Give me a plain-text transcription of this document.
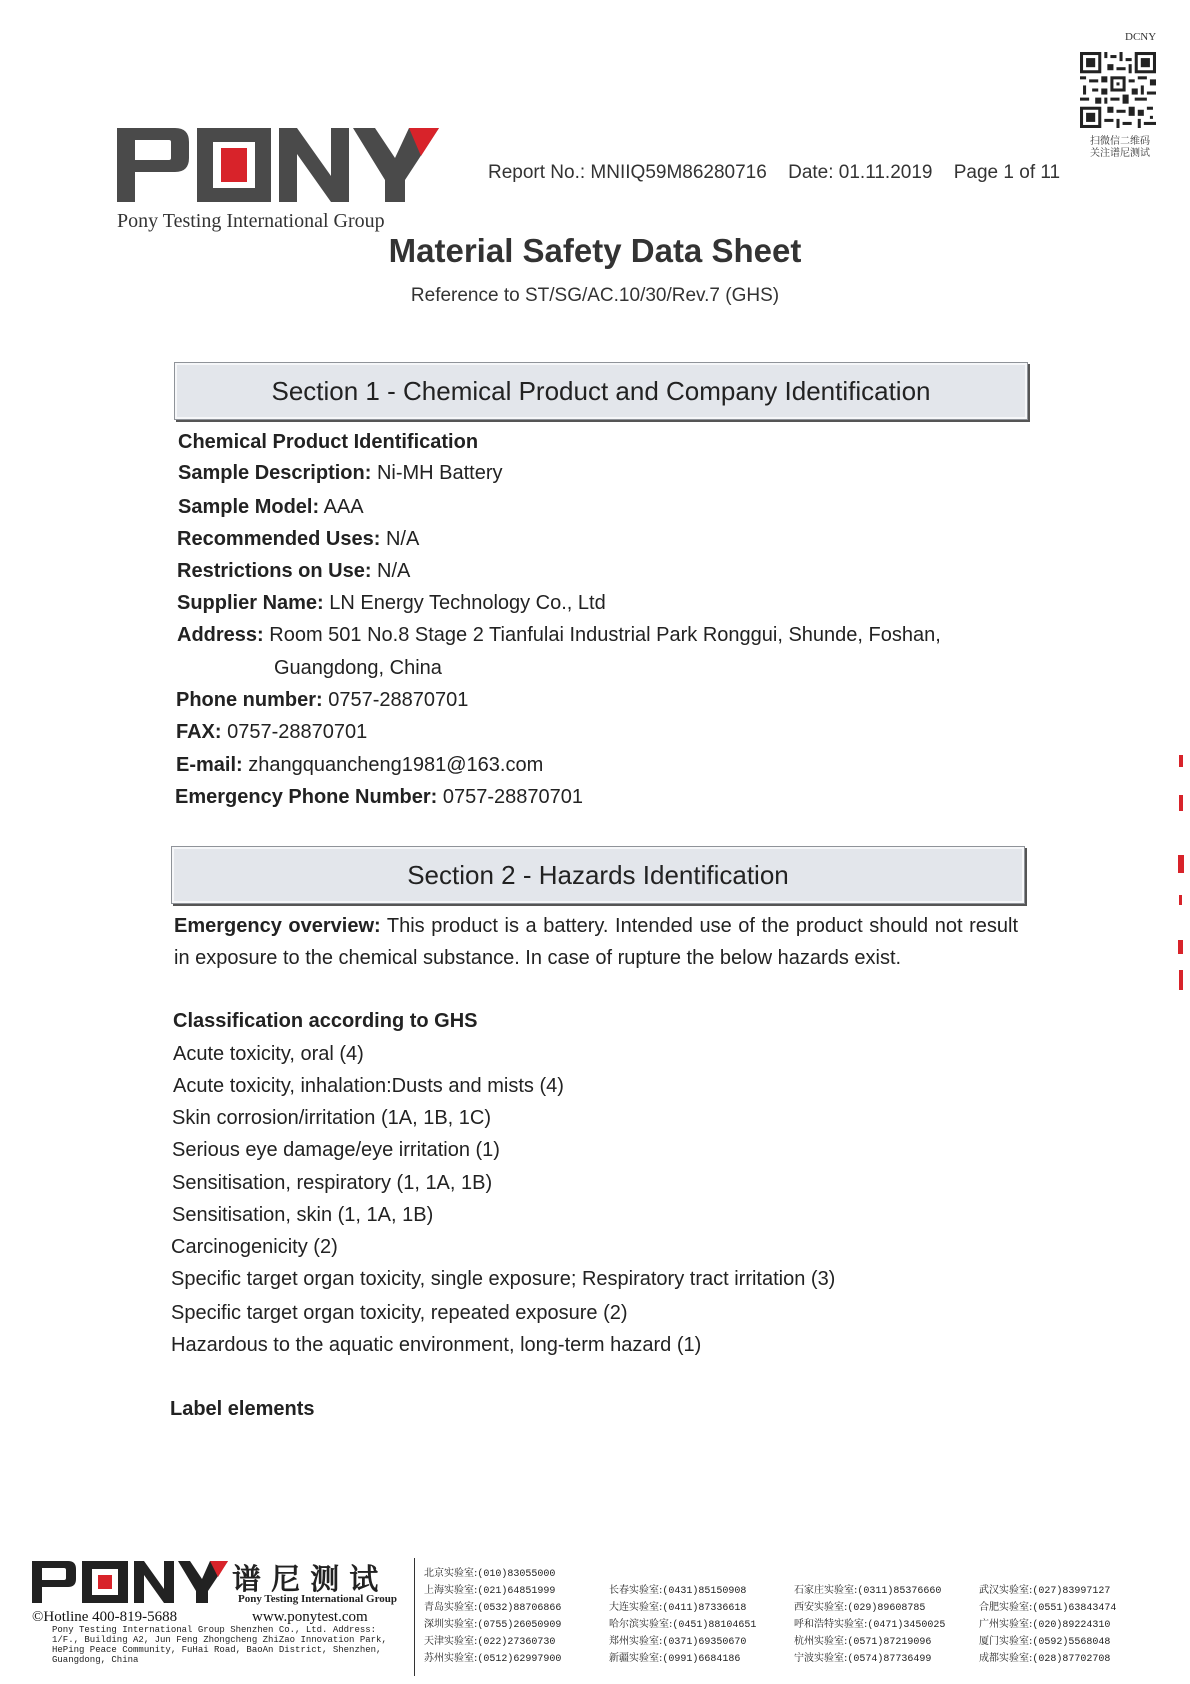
DCNY
扫微信二维码
关注谱尼测试
Pony Testing International Group
Report No.: MNIIQ59M86280716 Date: 01.11.2019 Page 1 of 11
Material Safety Data Sheet
Reference to ST/SG/AC.10/30/Rev.7 (GHS)
Section 1 - Chemical Product and Company Identification
Chemical Product Identification
Sample Description: Ni-MH Battery
Sample Model: AAA
Recommended Uses: N/A
Restrictions on Use: N/A
Supplier Name: LN Energy Technology Co., Ltd
Address: Room 501 No.8 Stage 2 Tianfulai Industrial Park Ronggui, Shunde, Foshan,
Guangdong, China
Phone number: 0757-28870701
FAX: 0757-28870701
E-mail: zhangquancheng1981@163.com
Emergency Phone Number: 0757-28870701
Section 2 - Hazards Identification
Emergency overview: This product is a battery. Intended use of the product should not result in exposure to the chemical substance. In case of rupture the below hazards exist.
Classification according to GHS
Acute toxicity, oral (4)
Acute toxicity, inhalation:Dusts and mists (4)
Skin corrosion/irritation (1A, 1B, 1C)
Serious eye damage/eye irritation (1)
Sensitisation, respiratory (1, 1A, 1B)
Sensitisation, skin (1, 1A, 1B)
Carcinogenicity (2)
Specific target organ toxicity, single exposure; Respiratory tract irritation (3)
Specific target organ toxicity, repeated exposure (2)
Hazardous to the aquatic environment, long-term hazard (1)
Label elements
谱 尼 测 试
Pony Testing International Group
©Hotline 400-819-5688	www.ponytest.com
Pony Testing International Group Shenzhen Co., Ltd. Address: 1/F., Building A2, Jun Feng Zhongcheng ZhiZao Innovation Park, HePing Peace Community, FuHai Road, BaoAn District, Shenzhen, Guangdong, China
北京实验室:(010)83055000
上海实验室:(021)64851999	长春实验室:(0431)85150908	石家庄实验室:(0311)85376660	武汉实验室:(027)83997127
青岛实验室:(0532)88706866	大连实验室:(0411)87336618	西安实验室:(029)89608785	合肥实验室:(0551)63843474
深圳实验室:(0755)26050909	哈尔滨实验室:(0451)88104651	呼和浩特实验室:(0471)3450025	广州实验室:(020)89224310
天津实验室:(022)27360730	郑州实验室:(0371)69350670	杭州实验室:(0571)87219096	厦门实验室:(0592)5568048
苏州实验室:(0512)62997900	新疆实验室:(0991)6684186	宁波实验室:(0574)87736499	成都实验室:(028)87702708
